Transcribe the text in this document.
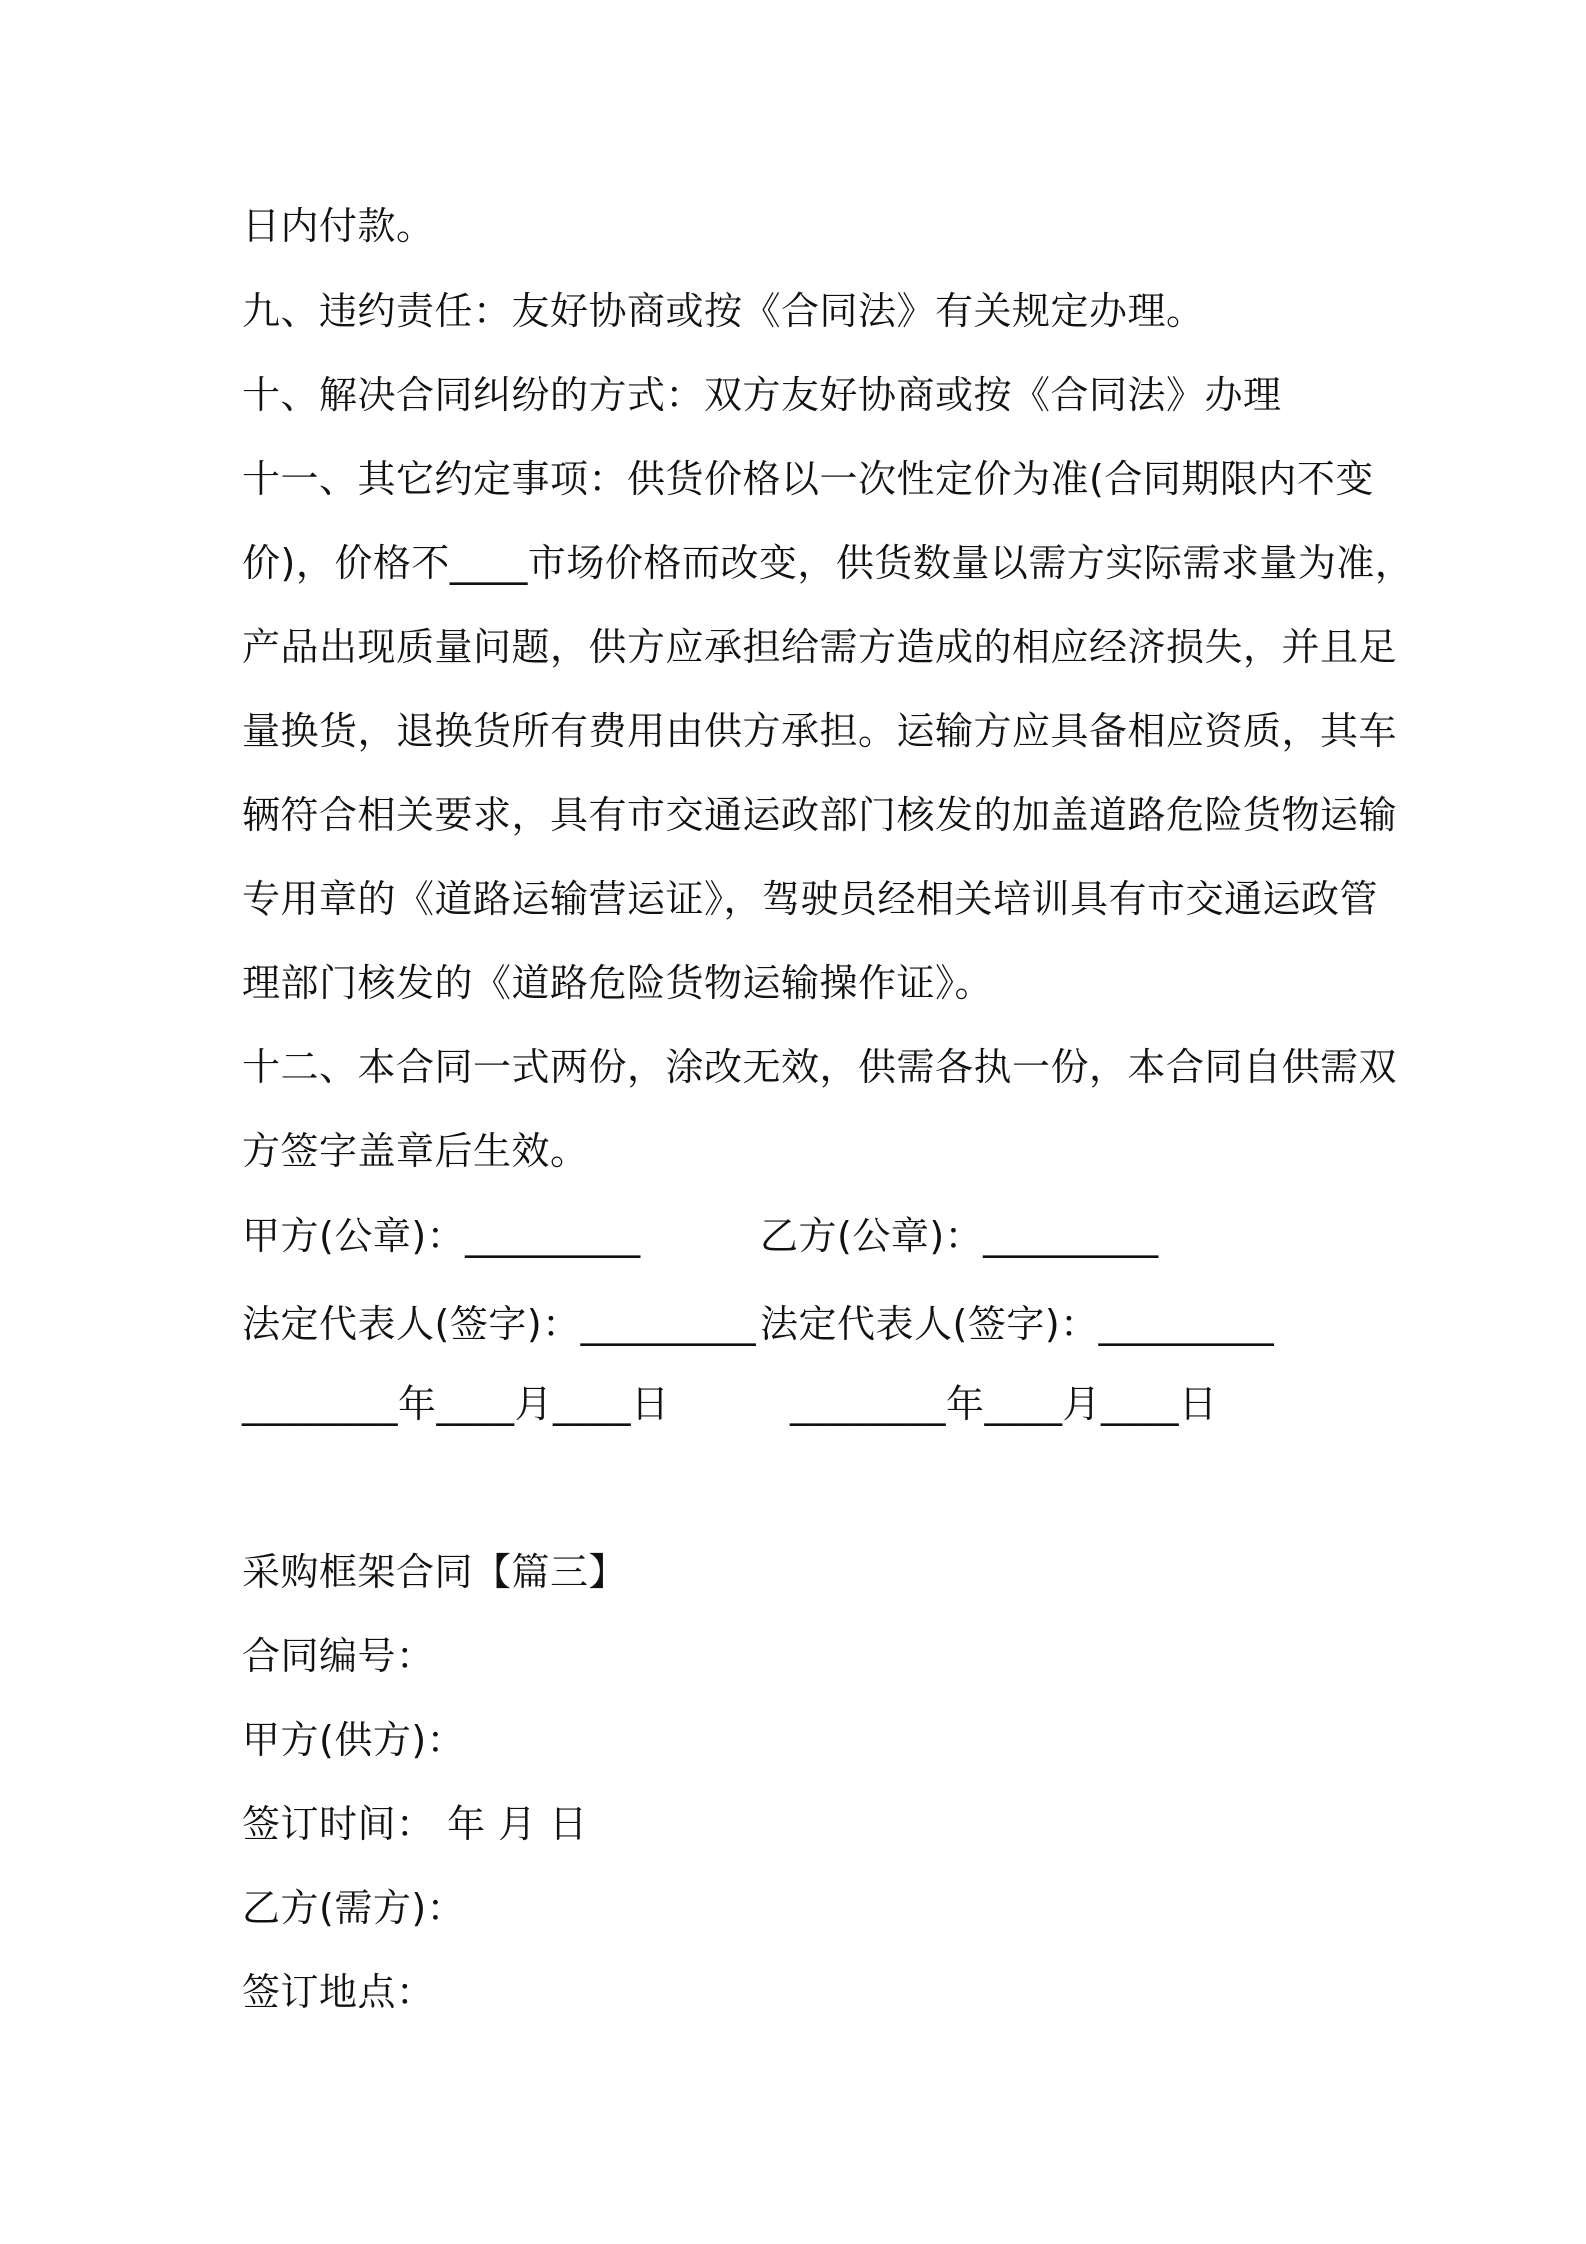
日内付款。
九、违约责任：友好协商或按《合同法》有关规定办理。
十、解决合同纠纷的方式：双方友好协商或按《合同法》办理
十一、其它约定事项：供货价格以一次性定价为准(合同期限内不变
价)，价格不____市场价格而改变，供货数量以需方实际需求量为准，
产品出现质量问题，供方应承担给需方造成的相应经济损失，并且足
量换货，退换货所有费用由供方承担。运输方应具备相应资质，其车
辆符合相关要求，具有市交通运政部门核发的加盖道路危险货物运输
专用章的《道路运输营运证》，驾驶员经相关培训具有市交通运政管
理部门核发的《道路危险货物运输操作证》。
十二、本合同一式两份，涂改无效，供需各执一份，本合同自供需双
方签字盖章后生效。
甲方(公章)：_________	乙方(公章)：_________
法定代表人(签字)：_________ 法定代表人(签字)：_________
________年____月____日	________年____月____日
采购框架合同【篇三】
合同编号：
甲方(供方)：
签订时间： 年 月 日
乙方(需方)：
签订地点：
